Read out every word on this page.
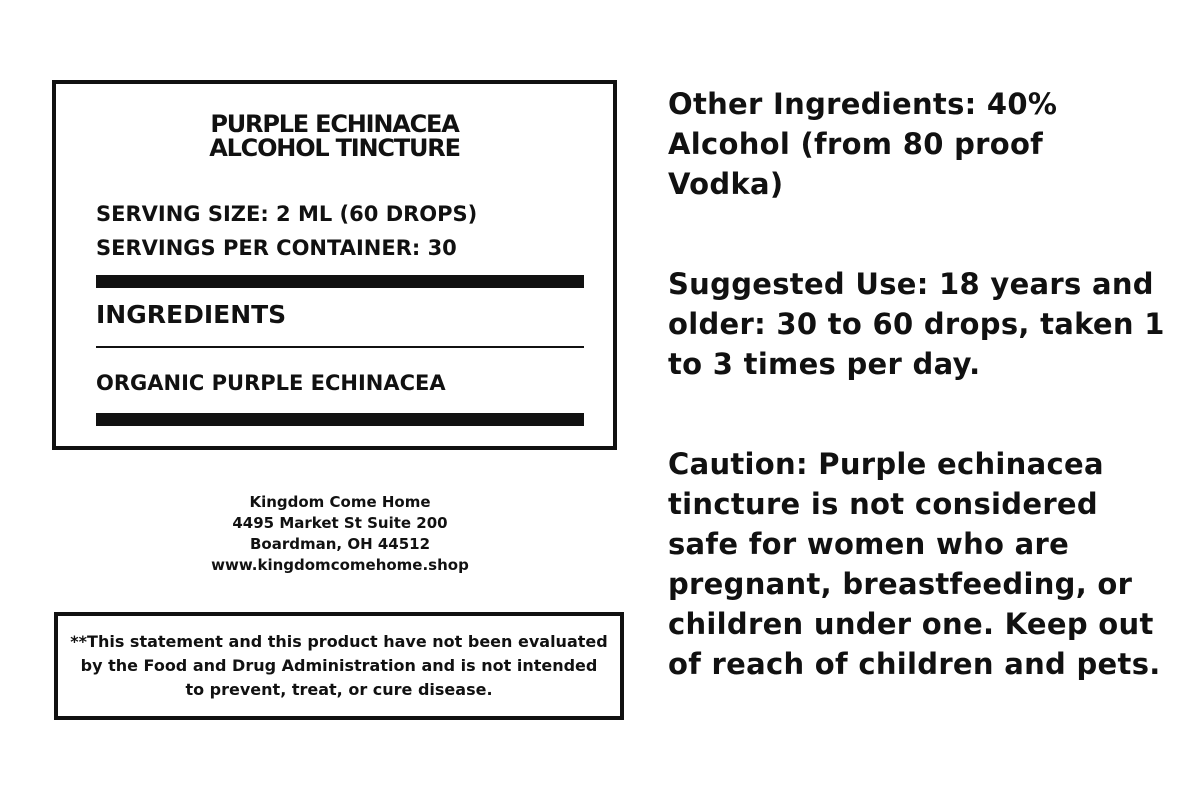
PURPLE ECHINACEA
ALCOHOL TINCTURE
SERVING SIZE: 2 ML (60 DROPS)
SERVINGS PER CONTAINER: 30
INGREDIENTS
ORGANIC PURPLE ECHINACEA
Kingdom Come Home
4495 Market St Suite 200
Boardman, OH 44512
www.kingdomcomehome.shop
**This statement and this product have not been evaluated by the Food and Drug Administration and is not intended to prevent, treat, or cure disease.

Other Ingredients: 40% Alcohol (from 80 proof Vodka)

Suggested Use: 18 years and older: 30 to 60 drops, taken 1 to 3 times per day.

Caution: Purple echinacea tincture is not considered safe for women who are pregnant, breastfeeding, or children under one. Keep out of reach of children and pets.
